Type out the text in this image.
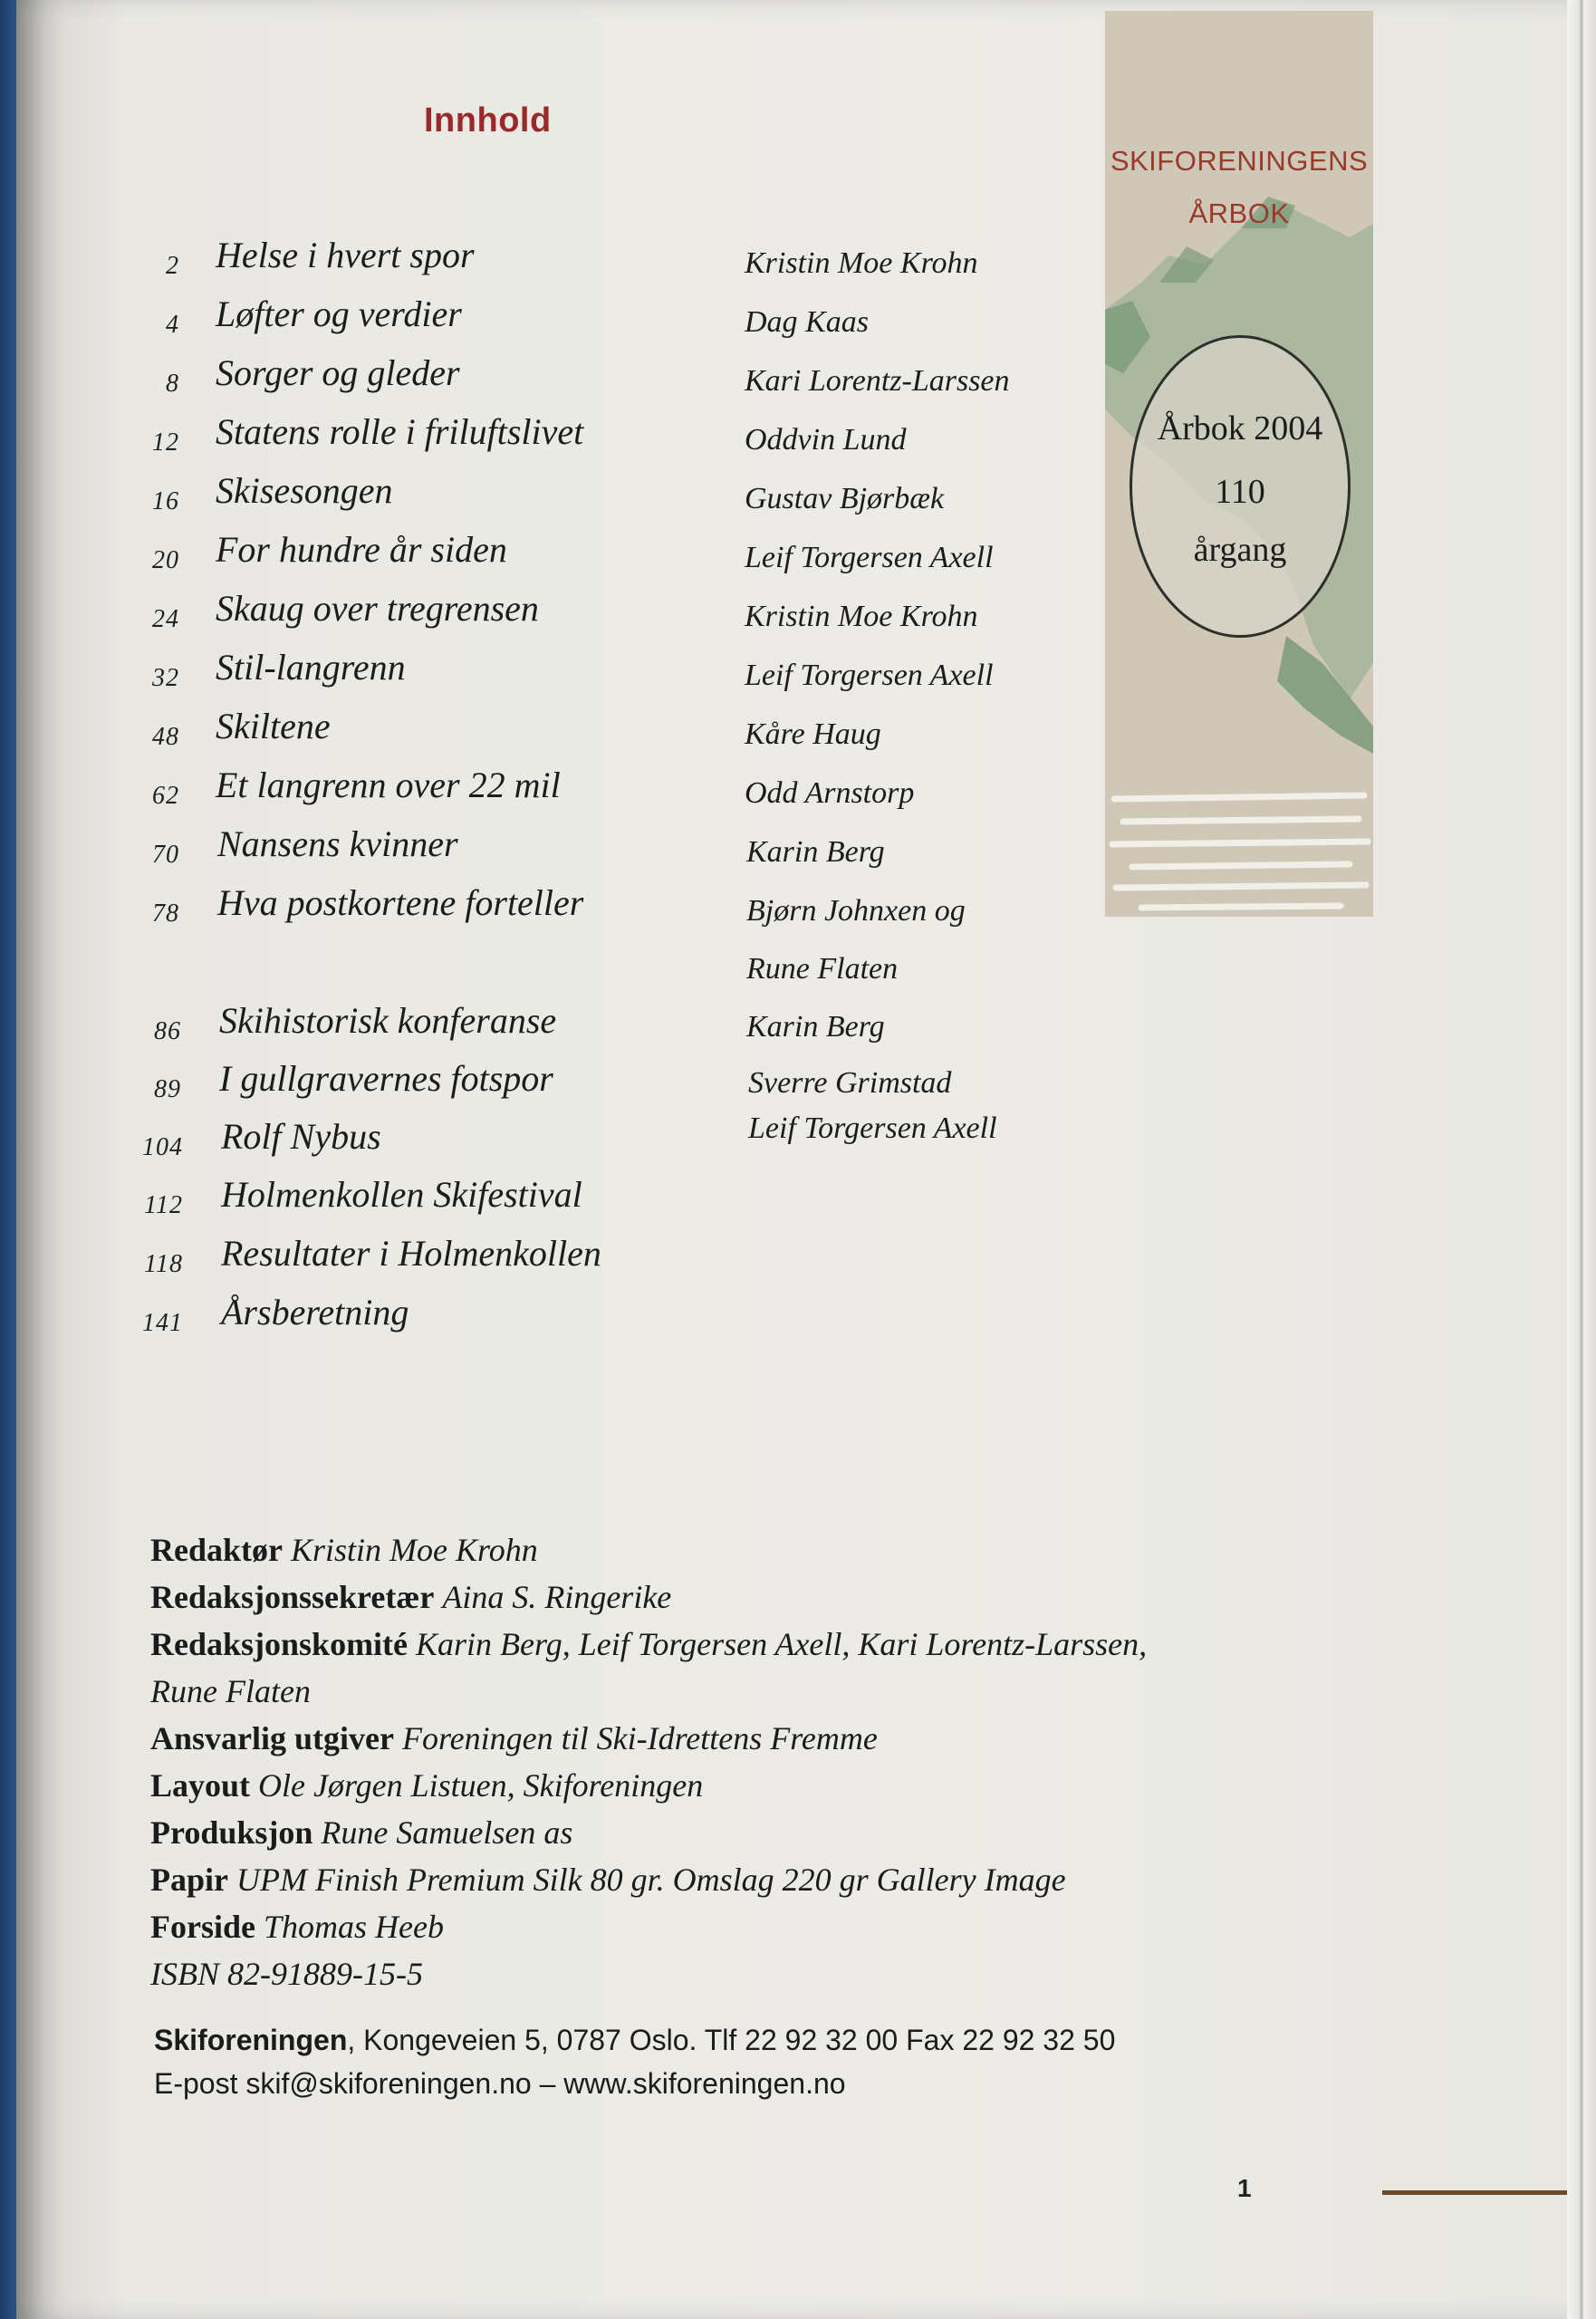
Innhold
2 Helse i hvert spor	Kristin Moe Krohn
4 Løfter og verdier	Dag Kaas
8 Sorger og gleder	Kari Lorentz-Larssen
12 Statens rolle i friluftslivet	Oddvin Lund
16 Skisesongen	Gustav Bjørbæk
20 For hundre år siden	Leif Torgersen Axell
24 Skaug over tregrensen	Kristin Moe Krohn
32 Stil-langrenn	Leif Torgersen Axell
48 Skiltene	Kåre Haug
62 Et langrenn over 22 mil	Odd Arnstorp
70 Nansens kvinner	Karin Berg
78 Hva postkortene forteller	Bjørn Johnxen og
Rune Flaten
86 Skihistorisk konferanse	Karin Berg
89 I gullgravernes fotspor	Sverre Grimstad
104 Rolf Nybus	Leif Torgersen Axell
112 Holmenkollen Skifestival
118 Resultater i Holmenkollen
141 Årsberetning
SKIFORENINGENS
ÅRBOK
Årbok 2004
110
årgang
Redaktør Kristin Moe Krohn
Redaksjonssekretær Aina S. Ringerike
Redaksjonskomité Karin Berg, Leif Torgersen Axell, Kari Lorentz-Larssen,
Rune Flaten
Ansvarlig utgiver Foreningen til Ski-Idrettens Fremme
Layout Ole Jørgen Listuen, Skiforeningen
Produksjon Rune Samuelsen as
Papir UPM Finish Premium Silk 80 gr. Omslag 220 gr Gallery Image
Forside Thomas Heeb
ISBN 82-91889-15-5
Skiforeningen, Kongeveien 5, 0787 Oslo. Tlf 22 92 32 00 Fax 22 92 32 50
E-post skif@skiforeningen.no – www.skiforeningen.no
1
